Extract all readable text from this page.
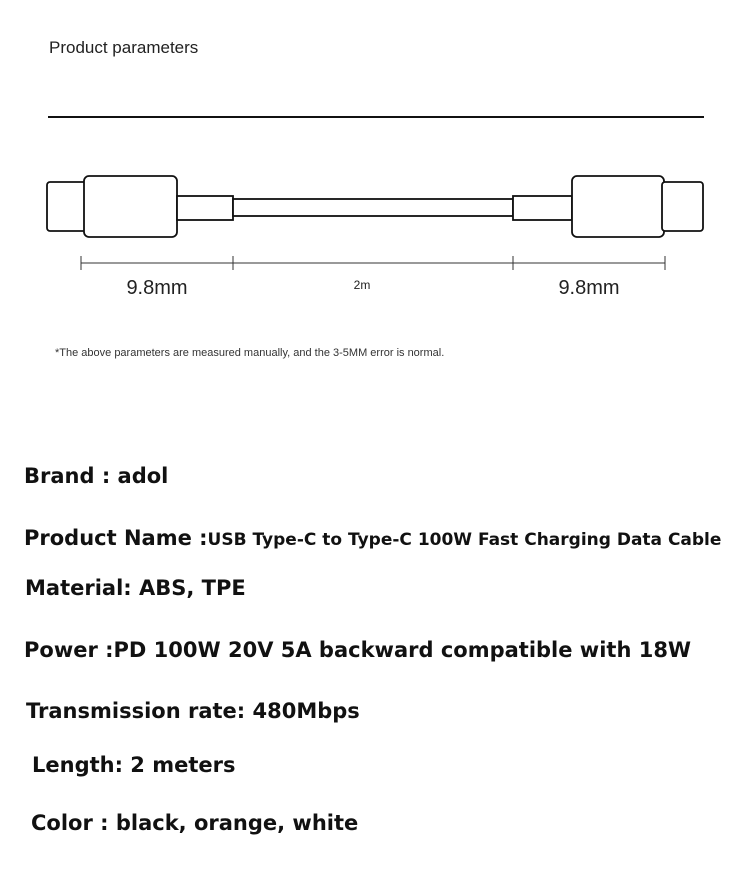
Product parameters
9.8mm	2m	9.8mm
*The above parameters are measured manually, and the 3-5MM error is normal.
Brand : adol
Product Name :USB Type-C to Type-C 100W Fast Charging Data Cable
Material: ABS, TPE
Power :PD 100W 20V 5A backward compatible with 18W
Transmission rate: 480Mbps
Length: 2 meters
Color : black, orange, white
